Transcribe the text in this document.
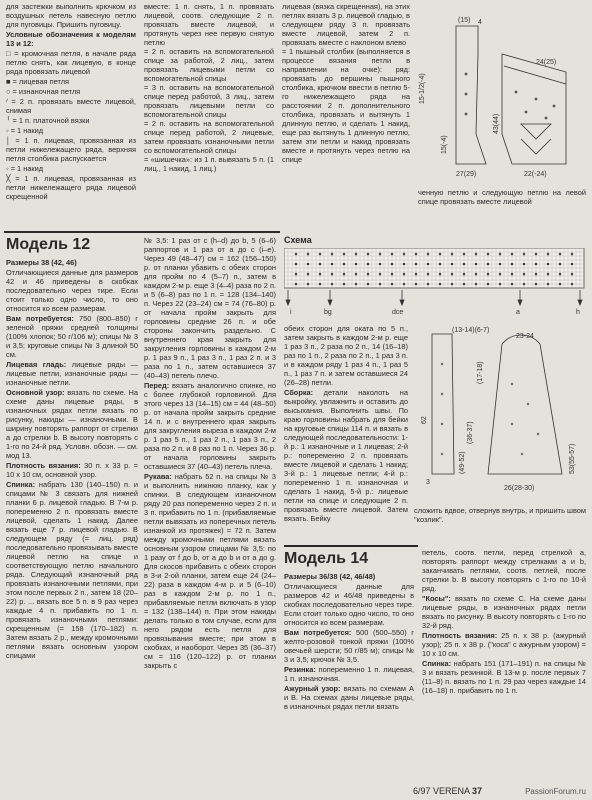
для застежки выполнить крючком из воздушных петель навесную петлю для пуговицы. Пришить пуговицу.

Условные обозначения к моделям 13 и 12:

□ = кромочная петля, в начале ряда петлю снять, как лицевую, в конце ряда провязать лицевой

■ = лицевая петля

○ = изнаночная петля

∕ = 2 п. провязать вместе лицевой, снимая

╵ = 1 п. платочной вязки

◦ = 1 накид

│ = 1 п. лицевая, провязанная из петли нижележащего ряда, верхняя петля столбика распускается

◦ = 1 накид

╳ = 1 п. лицевая, провязанная из петли нижележащего ряда лицевой скрещенной

вместе: 1 п. снять, 1 п. провязать лицевой, соотв. следующие 2 п. провязать вместе лицевой, и протянуть через нее первую снятую петлю
= 2 п. оставить на вспомогательной спице за работой, 2 лиц., затем провязать лицевыми петли со вспомогательной спицы
= 3 п. оставить на вспомогательной спице перед работой, 3 лиц., затем провязать лицевыми петли со вспомогательной спицы
= 2 п. оставить на вспомогательной спице перед работой, 2 лицевые, затем провязать изнаночными петли со вспомогательной спицы
= «шишечка»: из 1 п. вывязать 5 п. (1 лиц., 1 накид, 1 лиц.)

лицевая (вязка скрещенная), на этих петлях вязать 3 р. лицевой гладью, в следующем ряду 3 п. провязать вместе лицевой, затем 2 п. провязать вместе с наклоном влево
= 1 пышный столбик (выполняется в процессе вязания петли в направлении на очке): ряд: провязать до вершины пышного столбика, крючком ввести в петлю 5-го нижележащего ряда на расстоянии 2 п. дополнительного столбика, провязать и вытянуть 1 длинную петлю, и сделать 1 накид, еще раз вытянуть 1 длинную петлю, затем эти петли и накид провязать вместе и протянуть через петлю на спице

(15) 4
15-1/2(-4)
24(25)
43(44)
15(-4)
27(29)	22(-24)

ченную петлю и следующую петлю на левой спице провязать вместе лицевой

Модель 12

Размеры 38 (42, 46)

Отличающиеся данные для размеров 42 и 46 приведены в скобках последовательно через тире. Если стоит только одно число, то оно относится ко всем размерам.

Вам потребуется: 750 (800–850) г зеленой пряжи средней толщины (100% хлопок; 50 г/106 м); спицы № 3 и 3,5; круговые спицы № 3 длиной 50 см.

Лицевая гладь: лицевые ряды — лицевые петли, изнаночные ряды — изнаночные петли.

Основной узор: вязать по схеме. На схеме даны лицевые ряды, в изнаночных рядах петли вязать по рисунку, накиды — изнаночными. В ширину повторять раппорт от стрелки a до стрелки b. В высоту повторять с 1-го по 24-й ряд. Условн. обозн. — см. мод 13.

Плотность вязания: 30 п. x 33 р. = 10 x 10 см, основной узор.

Спинка: набрать 130 (140–150) п. и спицами № 3 связать для нижней планки 6 р. лицевой гладью. В 7-м р. попеременно 2 п. провязать вместе лицевой, сделать 1 накид. Далее вязать еще 7 р. лицевой гладью. В следующем ряду (= лиц. ряд) последовательно провязывать вместе лицевой петлю на спице и соответствующую петлю начального ряда. Следующий изнаночный ряд провязать изнаночными петлями, при этом после первых 2 п., затем 18 (20–22) р. ... вязать все 5 п. в 9 раз через каждые 4 п. прибавить по 1 п. провязать изнаночными петлями: скрещенным (= 158 (170–182) п. Затем вязать 2 р., между кромочными петлями вязать основным узором спицами

№ 3,5: 1 раз от с (h–d) до b, 5 (6–6) раппортов и 1 раз от a до c (i–e). Через 49 (48–47) см = 162 (156–150) р. от планки убавить с обеих сторон для пройм по 4 (5–7) п., затем в каждом 2-м р. еще 3 (4–4) раза по 2 п. и 5 (6–8) раз по 1 п. = 128 (134–140) п. Через 22 (23–24) см = 74 (76–80) р. от начала пройм закрыть для горловины средние 26 п. и обе стороны закончить раздельно. С внутреннего края закрыть для закругления горловины в каждом 2-м р. 1 раз 9 п., 1 раз 3 п., 1 раз 2 п. и 3 раза по 1 п., затем оставшиеся 37 (40–43) петель плечо.

Перед: вязать аналогично спинке, но с более глубокой горловиной. Для этого через 13 (14–15) см = 44 (48–50) р. от начала пройм закрыть средние 14 п. и с внутреннего края закрыть для закругления выреза в каждом 2-м р. 1 раз 5 п., 1 раз 2 п., 1 раз 3 п., 2 раза по 2 п. и 8 раз по 1 п. Через 36 р. от начала горловины закрыть оставшиеся 37 (40–43) петель плеча.

Рукава: набрать 52 п. на спицы № 3 и выполнить нижнюю планку, как у спинки. В следующем изнаночном ряду 20 раз попеременно через 2 п. и 3 п. прибавить по 1 п. (прибавляемые петли вывязать из поперечных петель изнанкой из протяжек) = 72 п. Затем между кромочными петлями вязать основным узором спицами № 3,5: по 1 разу от f до b, от a до b и от a до g. Для скосов прибавить с обеих сторон в 3-и 2-ой планки, затем еще 24 (24–22) раза в каждом 4-м р. и 5 (6–10) раз в каждом 2-м р. по 1 п., прибавляемые петли включать в узор = 132 (138–144) п. При этом накиды делать только в том случае, если для него рядом есть петля для провязывания вместе; при этом в скобках, и наоборот. Через 35 (36–37) см = 116 (120–122) р. от планки закрыть с

Схема
i	bg	dce	a	h

обеих сторон для оката по 5 п., затем закрыть в каждом 2-м р. еще 1 раз 3 п., 2 раза по 2 п., 14 (16–18) раз по 1 п., 2 раза по 2 п., 1 раз 3 п. и в каждом ряду 1 раз 4 п., 1 раз 5 п., 1 раз 7 п. и затем оставшиеся 24 (26–28) петли.

Сборка: детали наколоть на выкройку, увлажнить и оставить до высыхания. Выполнить швы. По краю горловины набрать для бейки на круговые спицы 114 п. и вязать в следующей последовательности: 1-й р.: 1 изнаночные и 1 лицевая; 2-й р.: попеременно 2 п. провязать вместе лицевой и сделать 1 накид; 3-й р.: 1 лицевые петли; 4-й р.: попеременно 1 п. изнаночная и сделать 1 накид, 5-й р.: лицевые петли на спице и следующие 2 п. провязать вместе лицевой. Затем вязать. Бейку

(13-14)(6-7)
23-24
62
3
(36-37)
(17-18)
(49-52)	53(55-57)
26(28-30)

сложить вдвое, отвернув внутрь, и пришить швом "козлик".

Модель 14

Размеры 36/38 (42, 46/48)

Отличающиеся данные для размеров 42 и 46/48 приведены в скобках последовательно через тире. Если стоит только одно число, то оно относится ко всем размерам.

Вам потребуется: 500 (500–550) г желто-розовой тонкой пряжи (100% овечьей шерсти; 50 г/85 м); спицы № 3 и 3,5; крючок № 3,5.

Резинка: попеременно 1 п. лицевая, 1 п. изнаночная.

Ажурный узор: вязать по схемам A и B. На схемах даны лицевые ряды, в изнаночных рядах петли вязать

петель, соотв. петли, перед стрелкой a, повторять раппорт между стрелками a и b, заканчивать петлями, соотв. петлей, после стрелки b. В высоту повторять с 1-го по 10-й ряд.

"Косы": вязать по схеме C. На схеме даны лицевые ряды, в изнаночных рядах петли вязать по рисунку. В высоту повторять с 1-го по 32-й ряд.

Плотность вязания: 25 п. x 38 р. (ажурный узор); 25 п. x 38 р. ("коса" с ажурным узором) = 10 x 10 см.

Спинка: набрать 151 (171–191) п. на спицы № 3 и вязать резинкой. В 13-м р. после первых 7 (11–8) п. вязать по 1 п. 29 раз через каждые 14 (16–18) п. прибавить по 1 п.

6/97 VERENA 37	PassionForum.ru
